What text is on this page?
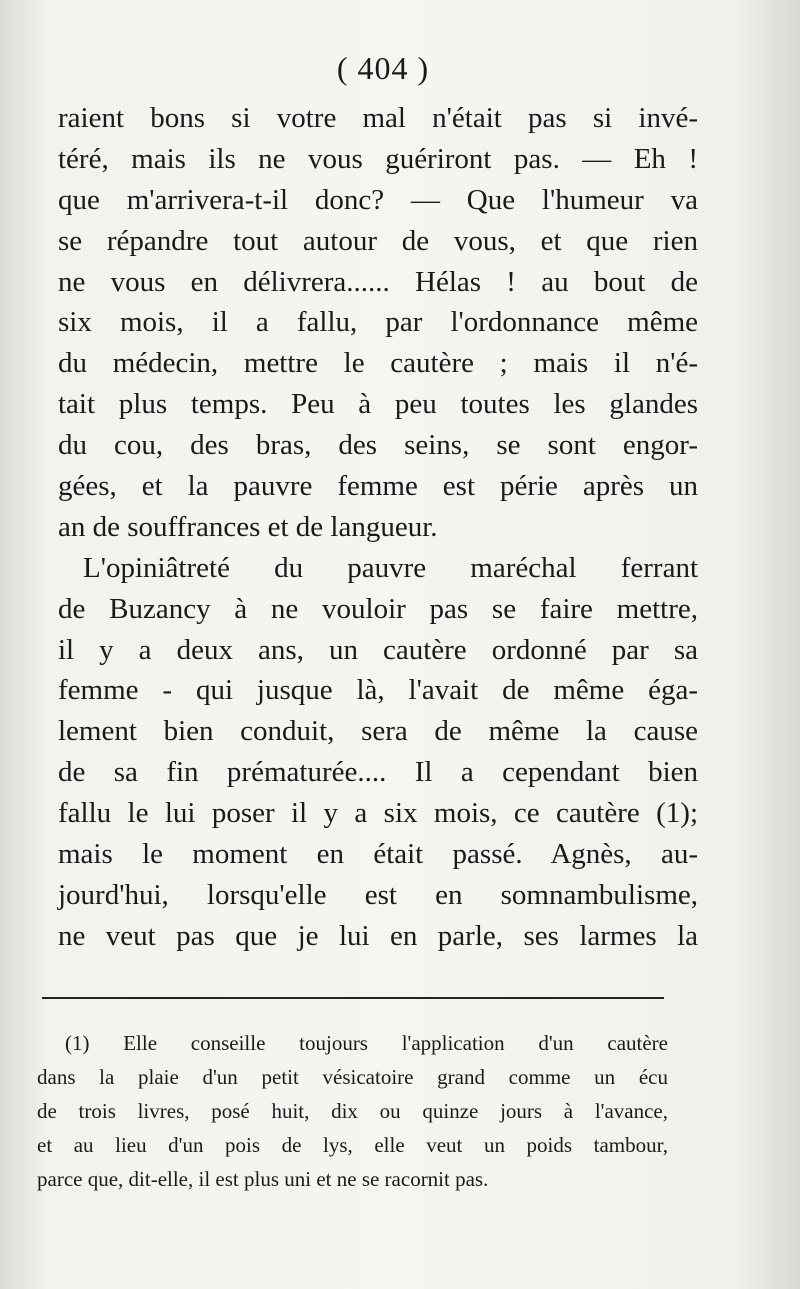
( 404 )
raient bons si votre mal n'était pas si invé-
téré, mais ils ne vous guériront pas. — Eh !
que m'arrivera-t-il donc? — Que l'humeur va
se répandre tout autour de vous, et que rien
ne vous en délivrera...... Hélas ! au bout de
six mois, il a fallu, par l'ordonnance même
du médecin, mettre le cautère ; mais il n'é-
tait plus temps. Peu à peu toutes les glandes
du cou, des bras, des seins, se sont engor-
gées, et la pauvre femme est périe après un
an de souffrances et de langueur.
L'opiniâtreté du pauvre maréchal ferrant
de Buzancy à ne vouloir pas se faire mettre,
il y a deux ans, un cautère ordonné par sa
femme - qui jusque là, l'avait de même éga-
lement bien conduit, sera de même la cause
de sa fin prématurée.... Il a cependant bien
fallu le lui poser il y a six mois, ce cautère (1);
mais le moment en était passé. Agnès, au-
jourd'hui, lorsqu'elle est en somnambulisme,
ne veut pas que je lui en parle, ses larmes la
(1) Elle conseille toujours l'application d'un cautère
dans la plaie d'un petit vésicatoire grand comme un écu
de trois livres, posé huit, dix ou quinze jours à l'avance,
et au lieu d'un pois de lys, elle veut un poids tambour,
parce que, dit-elle, il est plus uni et ne se racornit pas.
